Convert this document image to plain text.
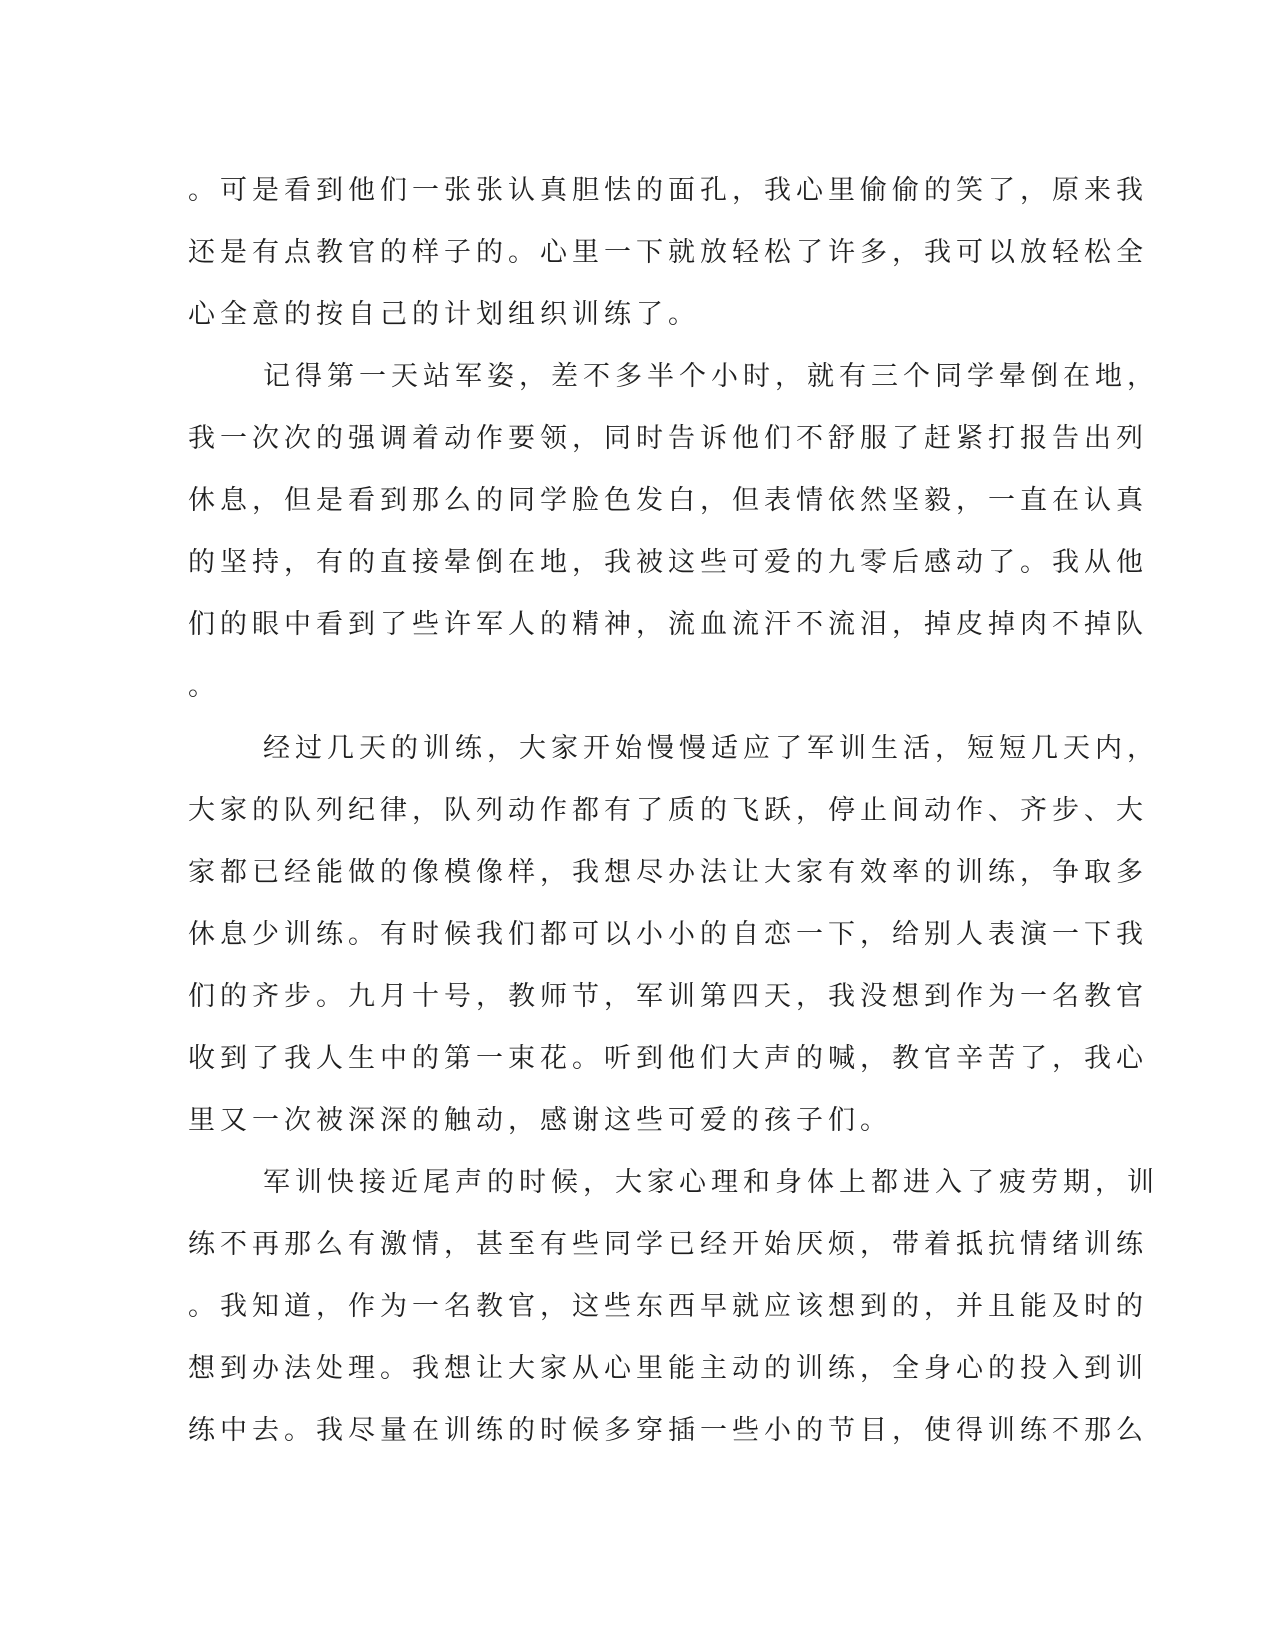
。可是看到他们一张张认真胆怯的面孔，我心里偷偷的笑了，原来我
还是有点教官的样子的。心里一下就放轻松了许多，我可以放轻松全
心全意的按自己的计划组织训练了。
记得第一天站军姿，差不多半个小时，就有三个同学晕倒在地，
我一次次的强调着动作要领，同时告诉他们不舒服了赶紧打报告出列
休息，但是看到那么的同学脸色发白，但表情依然坚毅，一直在认真
的坚持，有的直接晕倒在地，我被这些可爱的九零后感动了。我从他
们的眼中看到了些许军人的精神，流血流汗不流泪，掉皮掉肉不掉队
。
经过几天的训练，大家开始慢慢适应了军训生活，短短几天内，
大家的队列纪律，队列动作都有了质的飞跃，停止间动作、齐步、大
家都已经能做的像模像样，我想尽办法让大家有效率的训练，争取多
休息少训练。有时候我们都可以小小的自恋一下，给别人表演一下我
们的齐步。九月十号，教师节，军训第四天，我没想到作为一名教官
收到了我人生中的第一束花。听到他们大声的喊，教官辛苦了，我心
里又一次被深深的触动，感谢这些可爱的孩子们。
军训快接近尾声的时候，大家心理和身体上都进入了疲劳期，训
练不再那么有激情，甚至有些同学已经开始厌烦，带着抵抗情绪训练
。我知道，作为一名教官，这些东西早就应该想到的，并且能及时的
想到办法处理。我想让大家从心里能主动的训练，全身心的投入到训
练中去。我尽量在训练的时候多穿插一些小的节目，使得训练不那么
